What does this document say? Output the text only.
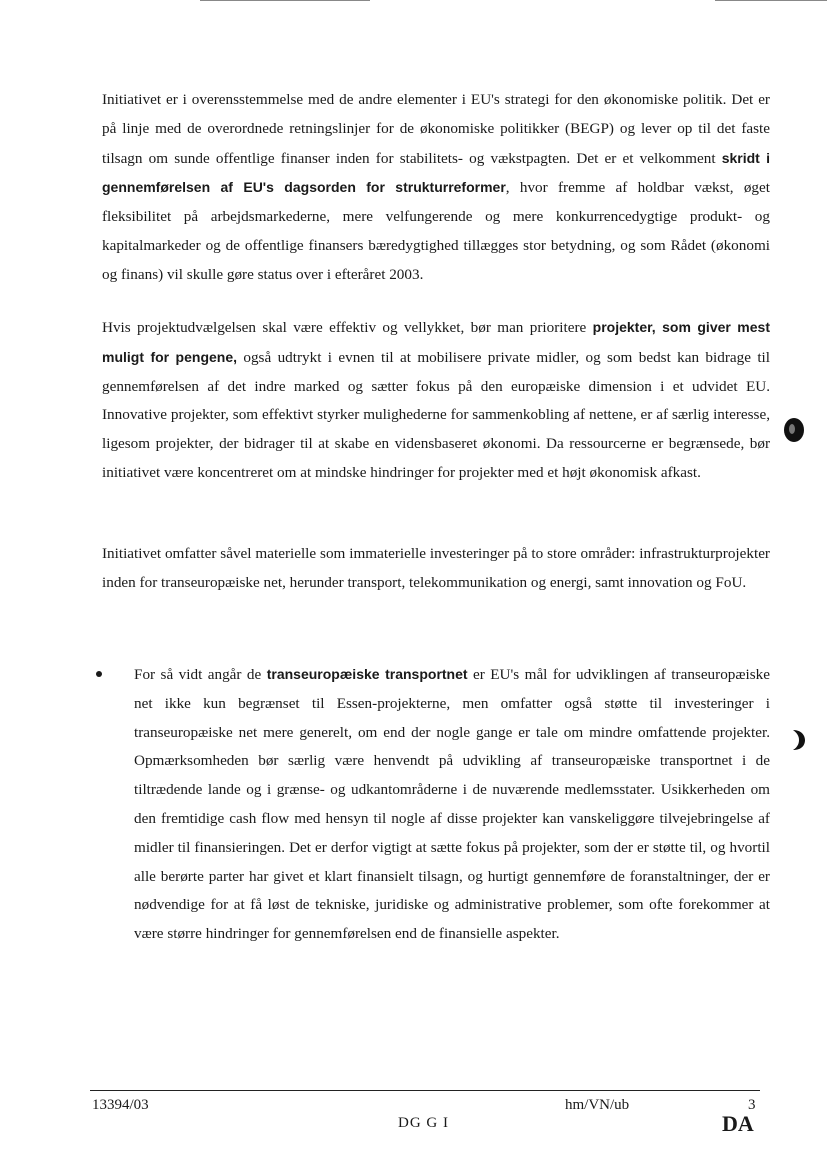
Initiativet er i overensstemmelse med de andre elementer i EU's strategi for den økonomiske politik. Det er på linje med de overordnede retningslinjer for de økonomiske politikker (BEGP) og lever op til det faste tilsagn om sunde offentlige finanser inden for stabilitets- og vækstpagten. Det er et velkomment skridt i gennemførelsen af EU's dagsorden for strukturreformer, hvor fremme af holdbar vækst, øget fleksibilitet på arbejdsmarkederne, mere velfungerende og mere konkurrencedygtige produkt- og kapitalmarkeder og de offentlige finansers bæredygtighed tillægges stor betydning, og som Rådet (økonomi og finans) vil skulle gøre status over i efteråret 2003.

Hvis projektudvælgelsen skal være effektiv og vellykket, bør man prioritere projekter, som giver mest muligt for pengene, også udtrykt i evnen til at mobilisere private midler, og som bedst kan bidrage til gennemførelsen af det indre marked og sætter fokus på den europæiske dimension i et udvidet EU. Innovative projekter, som effektivt styrker mulighederne for sammenkobling af nettene, er af særlig interesse, ligesom projekter, der bidrager til at skabe en vidensbaseret økonomi. Da ressourcerne er begrænsede, bør initiativet være koncentreret om at mindske hindringer for projekter med et højt økonomisk afkast.

Initiativet omfatter såvel materielle som immaterielle investeringer på to store områder: infrastrukturprojekter inden for transeuropæiske net, herunder transport, telekommunikation og energi, samt innovation og FoU.

For så vidt angår de transeuropæiske transportnet er EU's mål for udviklingen af transeuropæiske net ikke kun begrænset til Essen-projekterne, men omfatter også støtte til investeringer i transeuropæiske net mere generelt, om end der nogle gange er tale om mindre omfattende projekter. Opmærksomheden bør særlig være henvendt på udvikling af transeuropæiske transportnet i de tiltrædende lande og i grænse- og udkantområderne i de nuværende medlemsstater. Usikkerheden om den fremtidige cash flow med hensyn til nogle af disse projekter kan vanskeliggøre tilvejebringelse af midler til finansieringen. Det er derfor vigtigt at sætte fokus på projekter, som der er støtte til, og hvortil alle berørte parter har givet et klart finansielt tilsagn, og hurtigt gennemføre de foranstaltninger, der er nødvendige for at få løst de tekniske, juridiske og administrative problemer, som ofte forekommer at være større hindringer for gennemførelsen end de finansielle aspekter.

13394/03	hm/VN/ub	3
DG G I	DA
